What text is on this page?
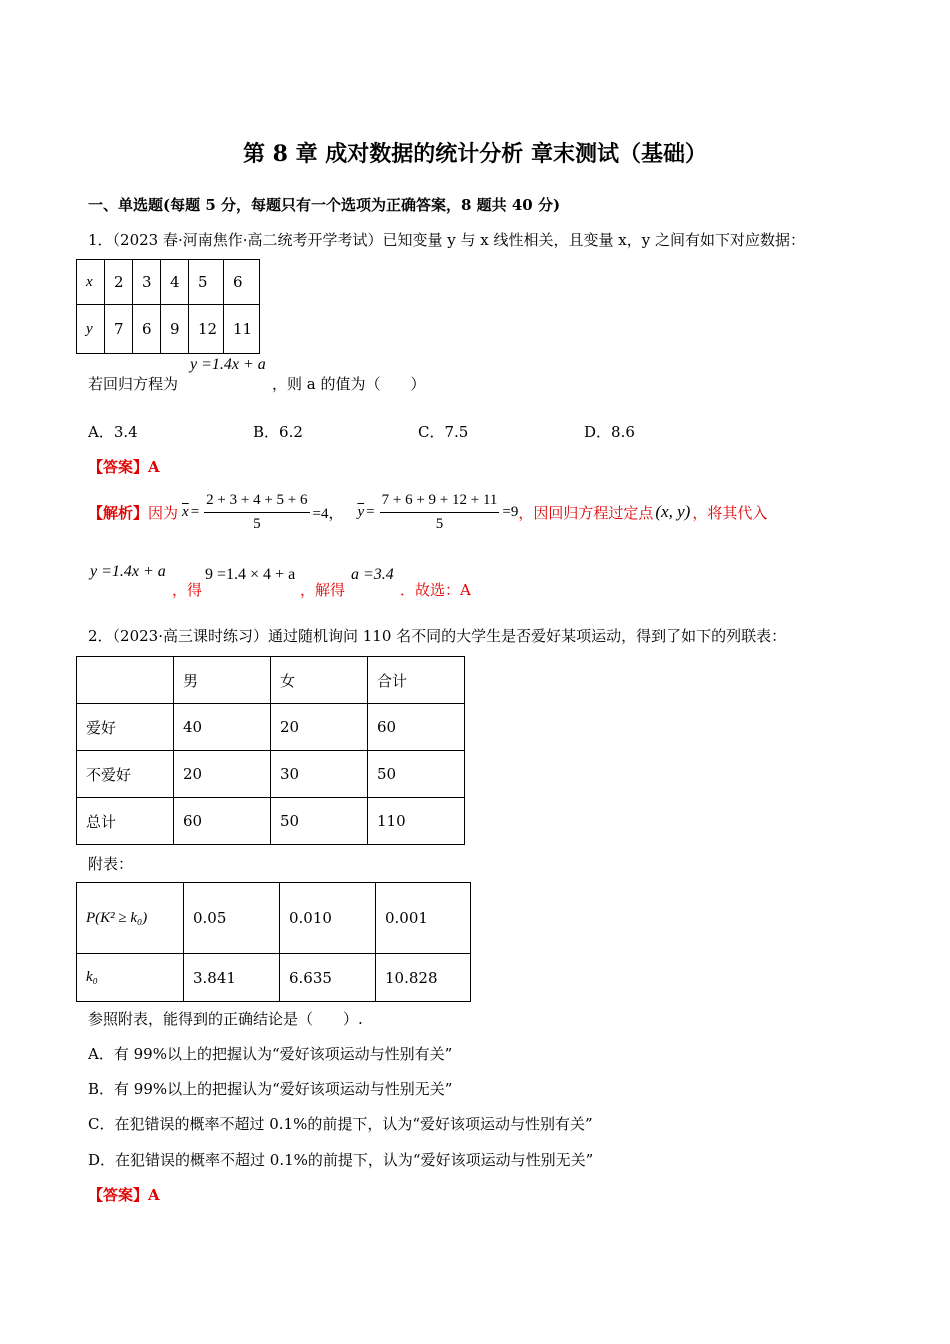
第 8 章 成对数据的统计分析 章末测试（基础）
一、单选题(每题 5 分，每题只有一个选项为正确答案，8 题共 40 分)
1．（2023 春·河南焦作·高二统考开学考试）已知变量 y 与 x 线性相关，且变量 x，y 之间有如下对应数据：
x	2	3	4	5	6
y	7	6	9	12	11
y =1.4x + a
若回归方程为	，则 a 的值为（　　）
A．3.4	B．6.2	C．7.5	D．8.6
【答案】A
【解析】 因为 $\overline{x} = \frac{2 + 3 + 4 + 5 + 6}{5} =4$， $\overline{y} = \frac{7 + 6 + 9 + 12 + 11}{5} =9$ ，因回归方程过定点 (x, y) ，将其代入
y =1.4x + a
，得
9 =1.4 × 4 + a
，解得
a =3.4
．故选：A
2．（2023·高三课时练习）通过随机询问 110 名不同的大学生是否爱好某项运动，得到了如下的列联表：
	男	女	合计
爱好	40	20	60
不爱好	20	30	50
总计	60	50	110
附表：
P(K² ≥ k₀)	0.05	0.010	0.001
k₀	3.841	6.635	10.828
参照附表，能得到的正确结论是（　　）.
A．有 99%以上的把握认为“爱好该项运动与性别有关”
B．有 99%以上的把握认为“爱好该项运动与性别无关”
C．在犯错误的概率不超过 0.1%的前提下，认为“爱好该项运动与性别有关”
D．在犯错误的概率不超过 0.1%的前提下，认为“爱好该项运动与性别无关”
【答案】A
